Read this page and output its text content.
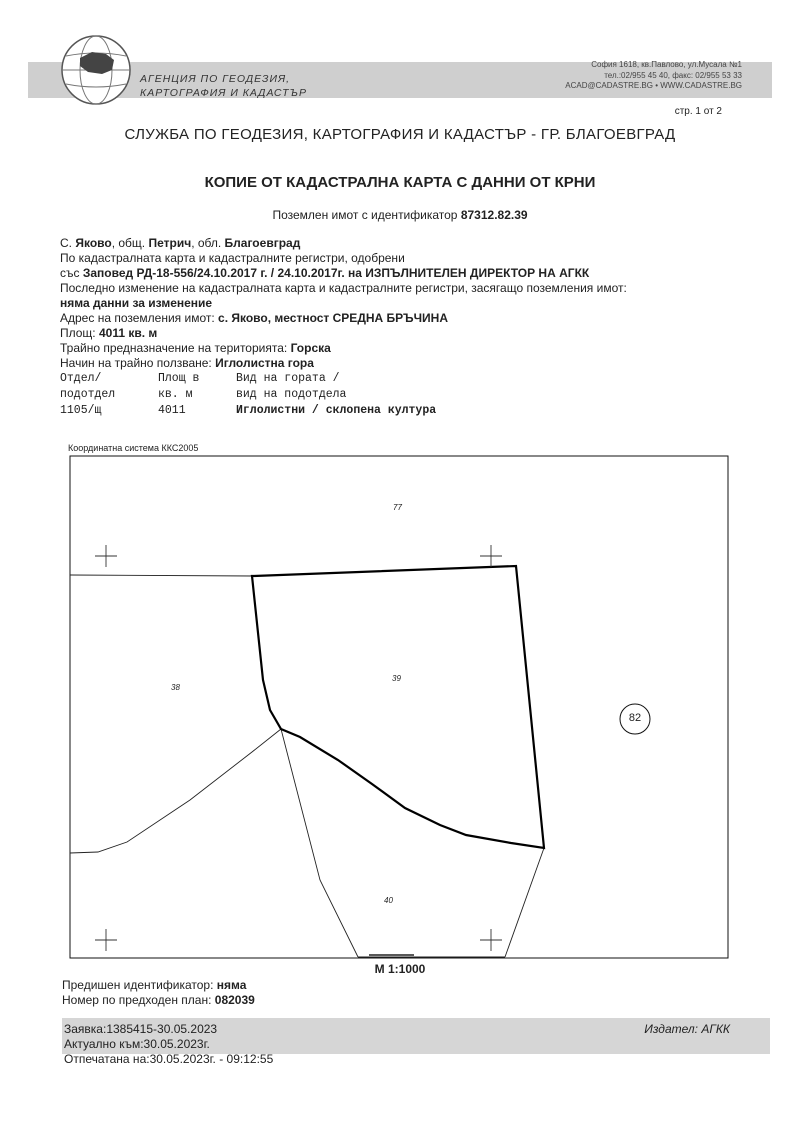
АГЕНЦИЯ ПО ГЕОДЕЗИЯ,
КАРТОГРАФИЯ И КАДАСТЪР
София 1618, кв.Павлово, ул.Мусала №1
тел.:02/955 45 40, факс: 02/955 53 33
ACAD@CADASTRE.BG • WWW.CADASTRE.BG
стр. 1 от 2
СЛУЖБА ПО ГЕОДЕЗИЯ, КАРТОГРАФИЯ И КАДАСТЪР - ГР. БЛАГОЕВГРАД
КОПИЕ ОТ КАДАСТРАЛНА КАРТА С ДАННИ ОТ КРНИ
Поземлен имот с идентификатор 87312.82.39
С. Яково, общ. Петрич, обл. Благоевград
По кадастралната карта и кадастралните регистри, одобрени
със Заповед РД-18-556/24.10.2017 г. / 24.10.2017г. на ИЗПЪЛНИТЕЛЕН ДИРЕКТОР НА АГКК
Последно изменение на кадастралната карта и кадастралните регистри, засягащо поземления имот:
няма данни за изменение
Адрес на поземления имот: с. Яково, местност СРЕДНА БРЪЧИНА
Площ: 4011 кв. м
Трайно предназначение на територията: Горска
Начин на трайно ползване: Иглолистна гора
Отдел/	Площ в	Вид на гората /
подотдел	кв. м	вид на подотдела
1105/щ	4011	Иглолистни / склопена култура
Координатна система ККС2005
77
38
39
40
82
М 1:1000
Предишен идентификатор: няма
Номер по предходен план: 082039
Заявка:1385415-30.05.2023
Актуално към:30.05.2023г.
Отпечатана на:30.05.2023г. - 09:12:55
Издател: АГКК
